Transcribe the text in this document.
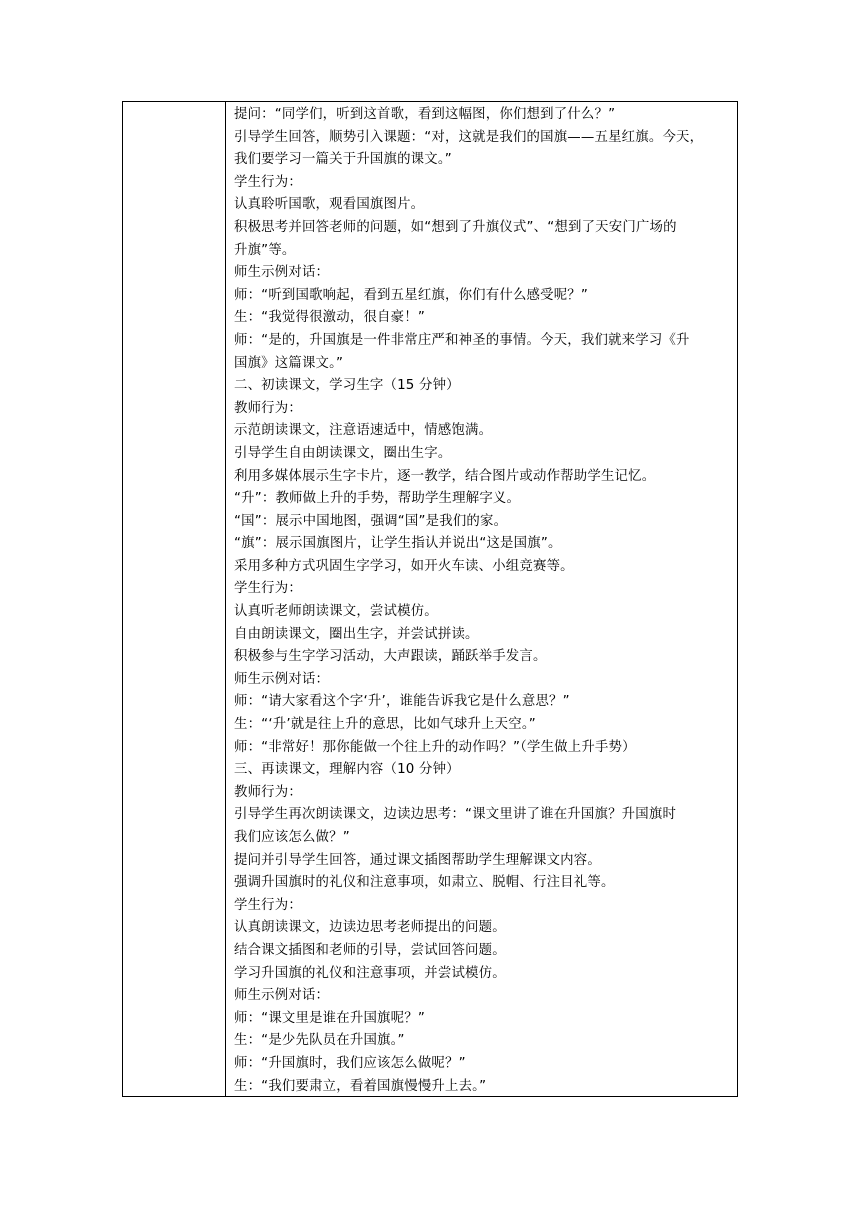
提问：“同学们，听到这首歌，看到这幅图，你们想到了什么？”
引导学生回答，顺势引入课题：“对，这就是我们的国旗——五星红旗。今天，
我们要学习一篇关于升国旗的课文。”
学生行为：
认真聆听国歌，观看国旗图片。
积极思考并回答老师的问题，如“想到了升旗仪式”、“想到了天安门广场的
升旗”等。
师生示例对话：
师：“听到国歌响起，看到五星红旗，你们有什么感受呢？”
生：“我觉得很激动，很自豪！”
师：“是的，升国旗是一件非常庄严和神圣的事情。今天，我们就来学习《升
国旗》这篇课文。”
二、初读课文，学习生字（15 分钟）
教师行为：
示范朗读课文，注意语速适中，情感饱满。
引导学生自由朗读课文，圈出生字。
利用多媒体展示生字卡片，逐一教学，结合图片或动作帮助学生记忆。
“升”：教师做上升的手势，帮助学生理解字义。
“国”：展示中国地图，强调“国”是我们的家。
“旗”：展示国旗图片，让学生指认并说出“这是国旗”。
采用多种方式巩固生字学习，如开火车读、小组竞赛等。
学生行为：
认真听老师朗读课文，尝试模仿。
自由朗读课文，圈出生字，并尝试拼读。
积极参与生字学习活动，大声跟读，踊跃举手发言。
师生示例对话：
师：“请大家看这个字‘升’，谁能告诉我它是什么意思？”
生：“‘升’就是往上升的意思，比如气球升上天空。”
师：“非常好！那你能做一个往上升的动作吗？”（学生做上升手势）
三、再读课文，理解内容（10 分钟）
教师行为：
引导学生再次朗读课文，边读边思考：“课文里讲了谁在升国旗？升国旗时
我们应该怎么做？”
提问并引导学生回答，通过课文插图帮助学生理解课文内容。
强调升国旗时的礼仪和注意事项，如肃立、脱帽、行注目礼等。
学生行为：
认真朗读课文，边读边思考老师提出的问题。
结合课文插图和老师的引导，尝试回答问题。
学习升国旗的礼仪和注意事项，并尝试模仿。
师生示例对话：
师：“课文里是谁在升国旗呢？”
生：“是少先队员在升国旗。”
师：“升国旗时，我们应该怎么做呢？”
生：“我们要肃立，看着国旗慢慢升上去。”
